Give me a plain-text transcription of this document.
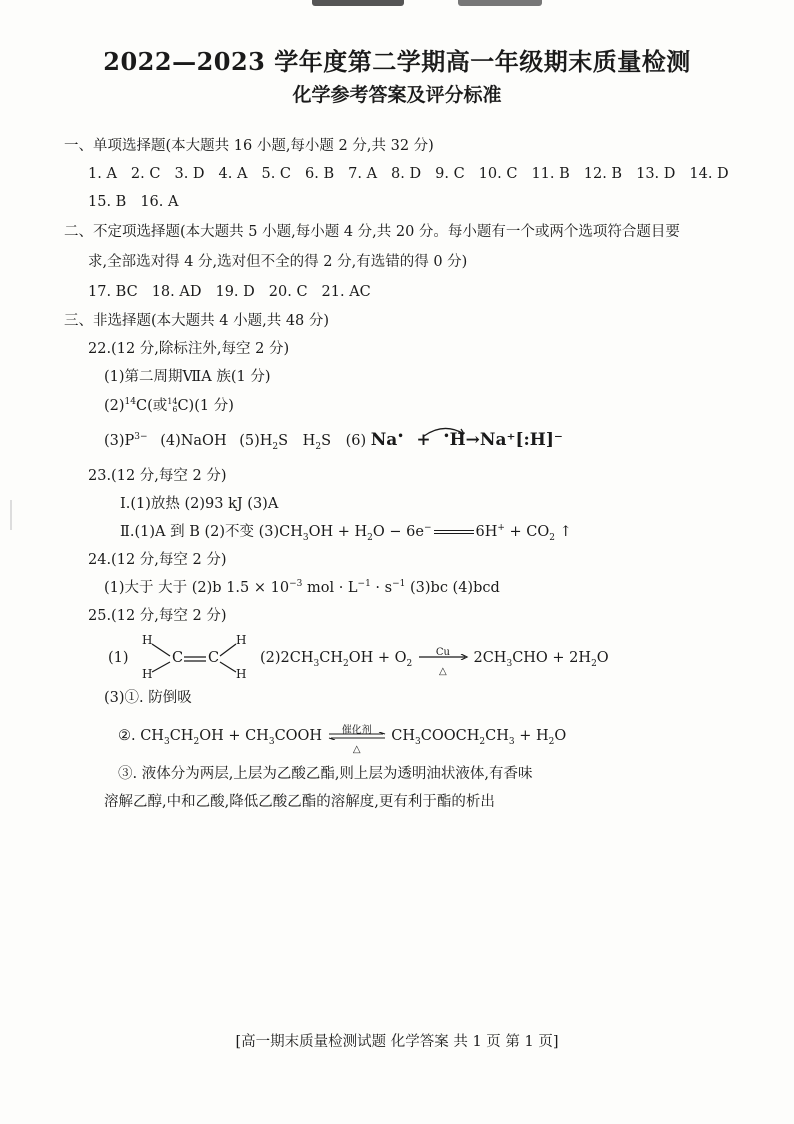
2022—2023 学年度第二学期高一年级期末质量检测
化学参考答案及评分标准
一、单项选择题(本大题共 16 小题,每小题 2 分,共 32 分)
1. A 2. C 3. D 4. A 5. C 6. B 7. A 8. D 9. C 10. C 11. B 12. B 13. D 14. D
15. B 16. A
二、不定项选择题(本大题共 5 小题,每小题 4 分,共 20 分。每小题有一个或两个选项符合题目要
求,全部选对得 4 分,选对但不全的得 2 分,有选错的得 0 分)
17. BC 18. AD 19. D 20. C 21. AC
三、非选择题(本大题共 4 小题,共 48 分)
22.(12 分,除标注外,每空 2 分)
(1)第二周期ⅦA 族(1 分)
$(2)^{14}C$(或 14
6 C)(1 分)
$(3)P^{3-}$ (4)NaOH $(5)H_2S$ $H_2S$ (6) Na• + •H→Na⁺[:H]⁻
23.(12 分,每空 2 分)
Ⅰ.(1)放热 (2)93 kJ (3)A
Ⅱ.(1)A 到 B (2)不变 $(3)CH_3OH + H_2O - 6e^-$	$6H^+ + CO_2$ ↑
24.(12 分,每空 2 分)
(1)大于 大于 (2)b $1.5 \times 10^{-3}$ mol · $L^{-1} \cdot s^{-1}$ (3)bc (4)bcd
25.(12 分,每空 2 分)
(1)
H
H
C C
H
H
$(2)2CH_3CH_2OH + O_2$
Cu
△
$2CH_3CHO + 2H_2O$
(3)①. 防倒吸
②. $CH_3CH_2OH$ + $CH_3COOH$	催化剂
△
$CH_3COOCH_2CH_3 + H_2O$
③. 液体分为两层,上层为乙酸乙酯,则上层为透明油状液体,有香味
溶解乙醇,中和乙酸,降低乙酸乙酯的溶解度,更有利于酯的析出
[高一期末质量检测试题 化学答案 共 1 页 第 1 页]
